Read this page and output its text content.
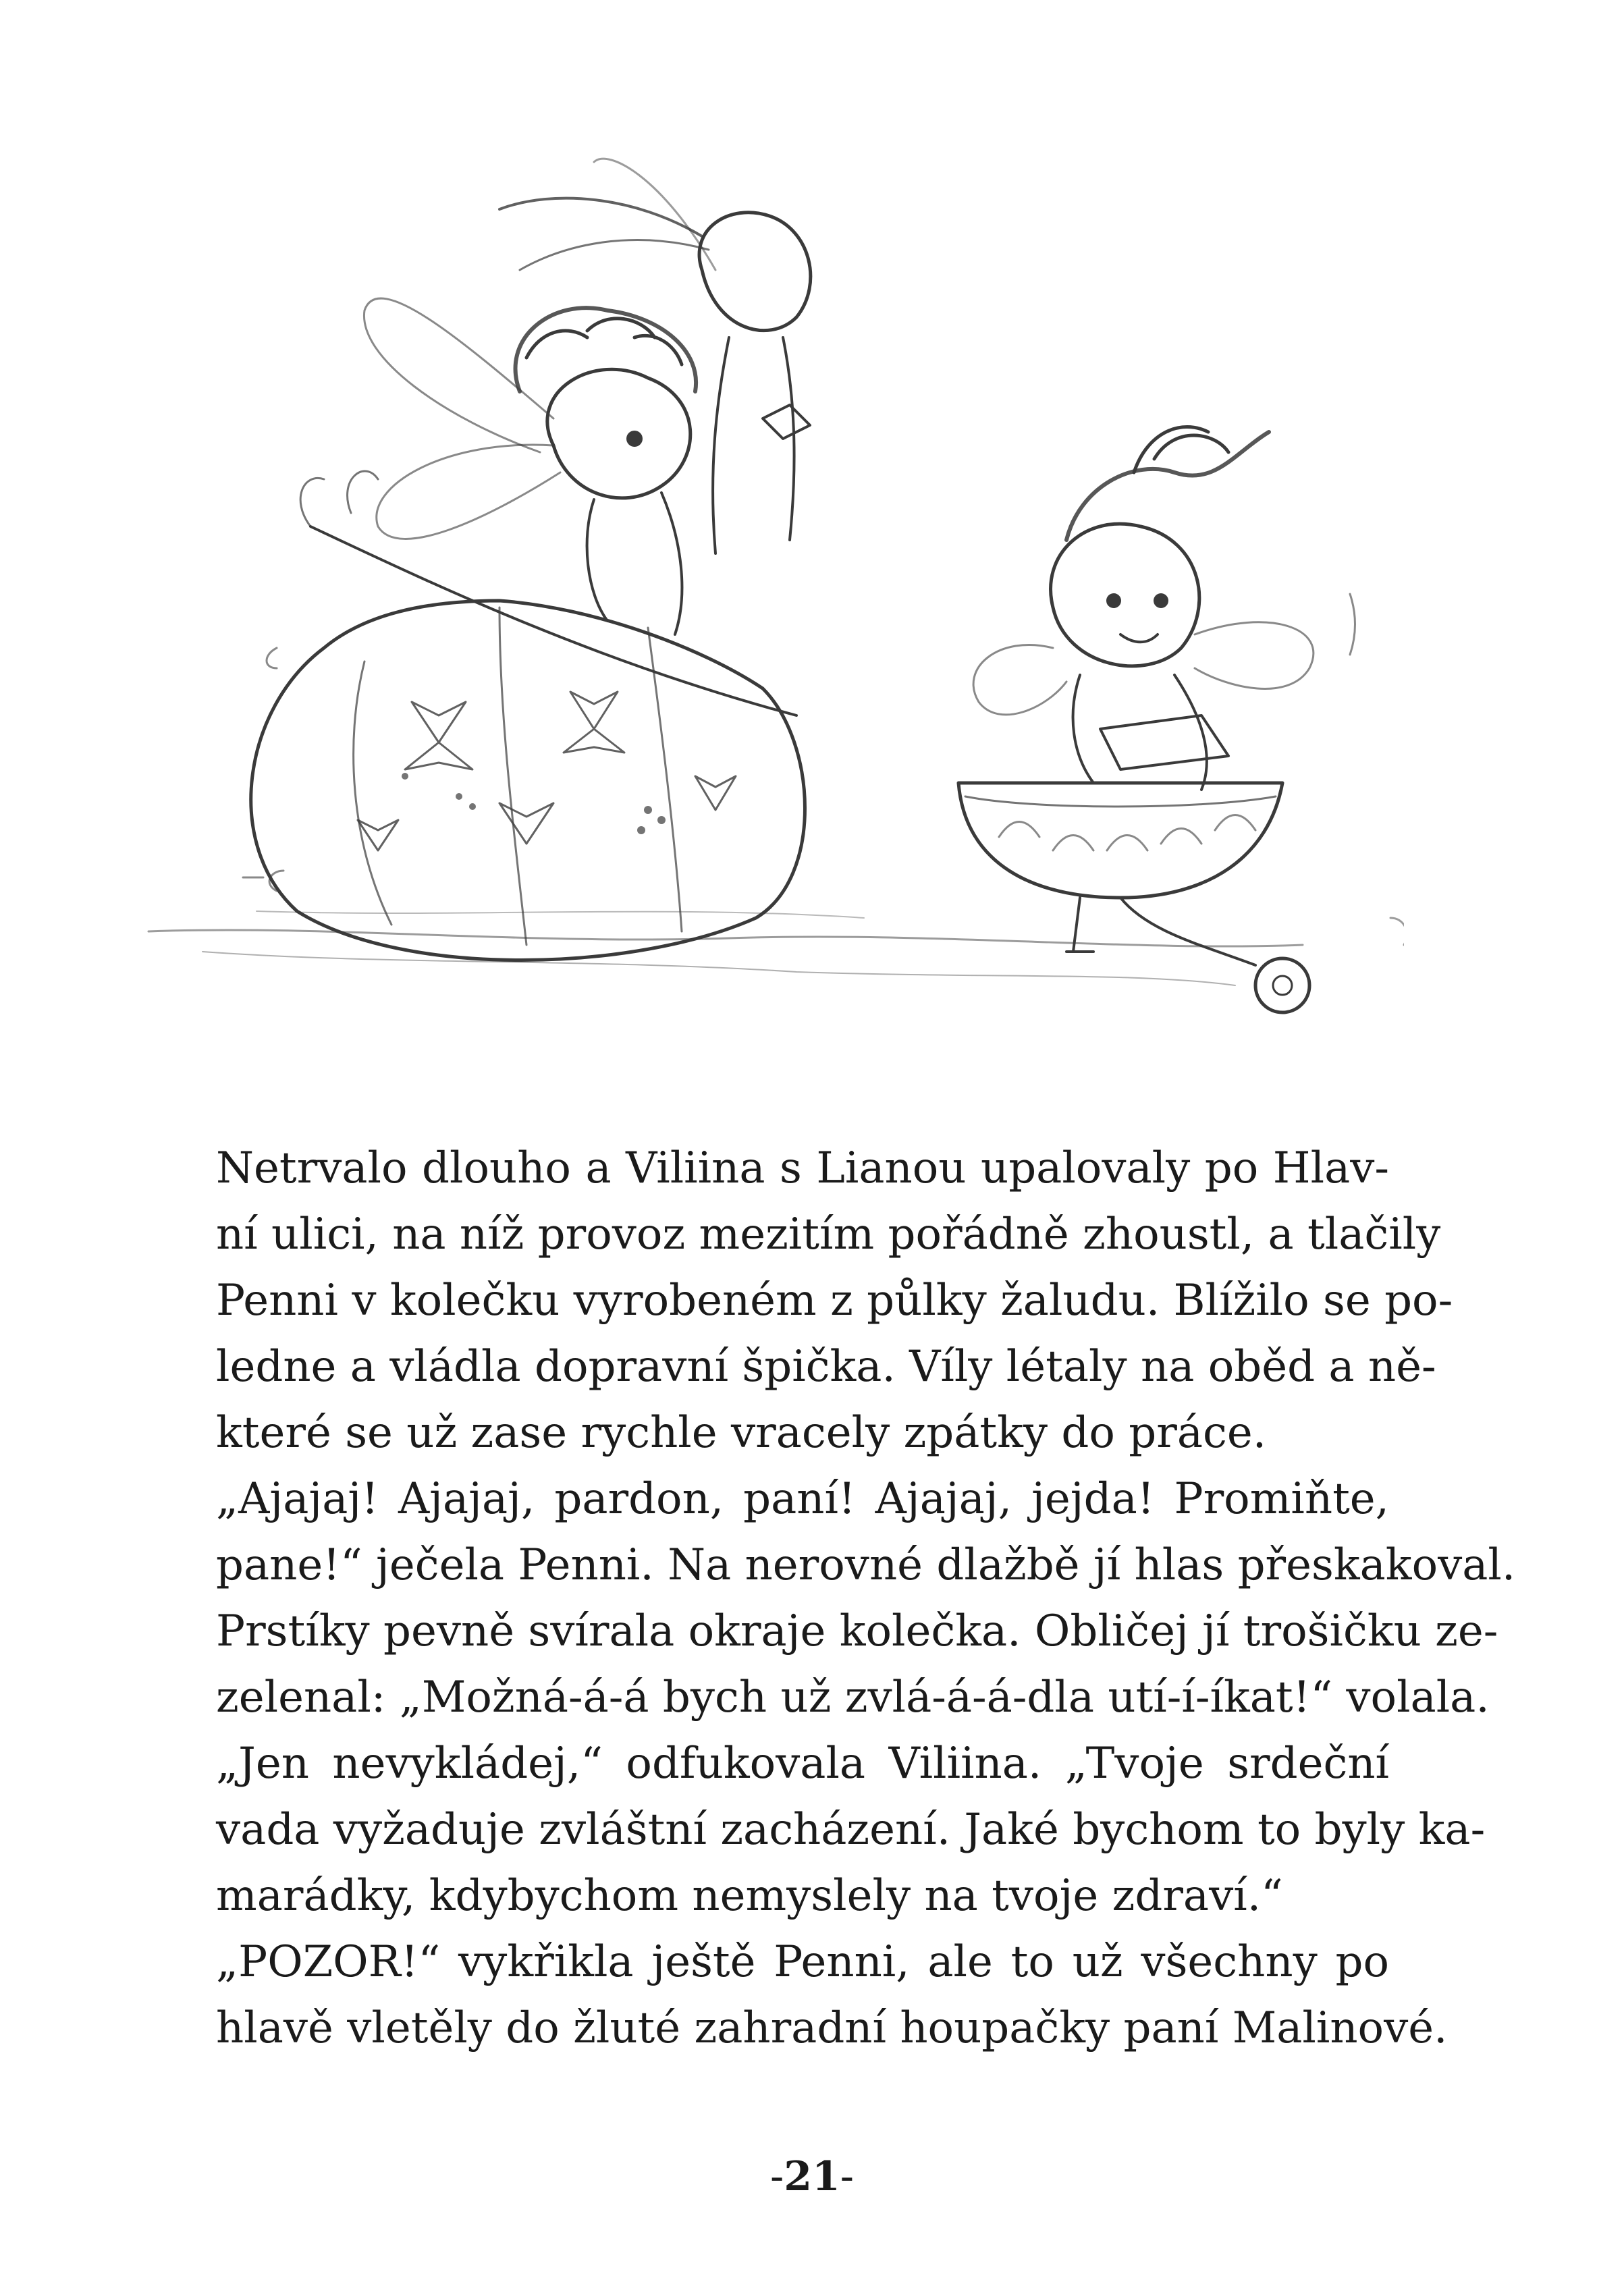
Netrvalo dlouho a Viliina s Lianou upalovaly po Hlav-
ní ulici, na níž provoz mezitím pořádně zhoustl, a tlačily
Penni v kolečku vyrobeném z půlky žaludu. Blížilo se po-
ledne a vládla dopravní špička. Víly létaly na oběd a ně-
které se už zase rychle vracely zpátky do práce.

„Ajajaj! Ajajaj, pardon, paní! Ajajaj, jejda! Promiňte,
pane!“ ječela Penni. Na nerovné dlažbě jí hlas přeskakoval.
Prstíky pevně svírala okraje kolečka. Obličej jí trošičku ze-
zelenal: „Možná-á-á bych už zvlá-á-á-dla utí-í-íkat!“ volala.

„Jen nevykládej,“ odfukovala Viliina. „Tvoje srdeční
vada vyžaduje zvláštní zacházení. Jaké bychom to byly ka-
marádky, kdybychom nemyslely na tvoje zdraví.“

„POZOR!“ vykřikla ještě Penni, ale to už všechny po
hlavě vletěly do žluté zahradní houpačky paní Malinové.

-21-
